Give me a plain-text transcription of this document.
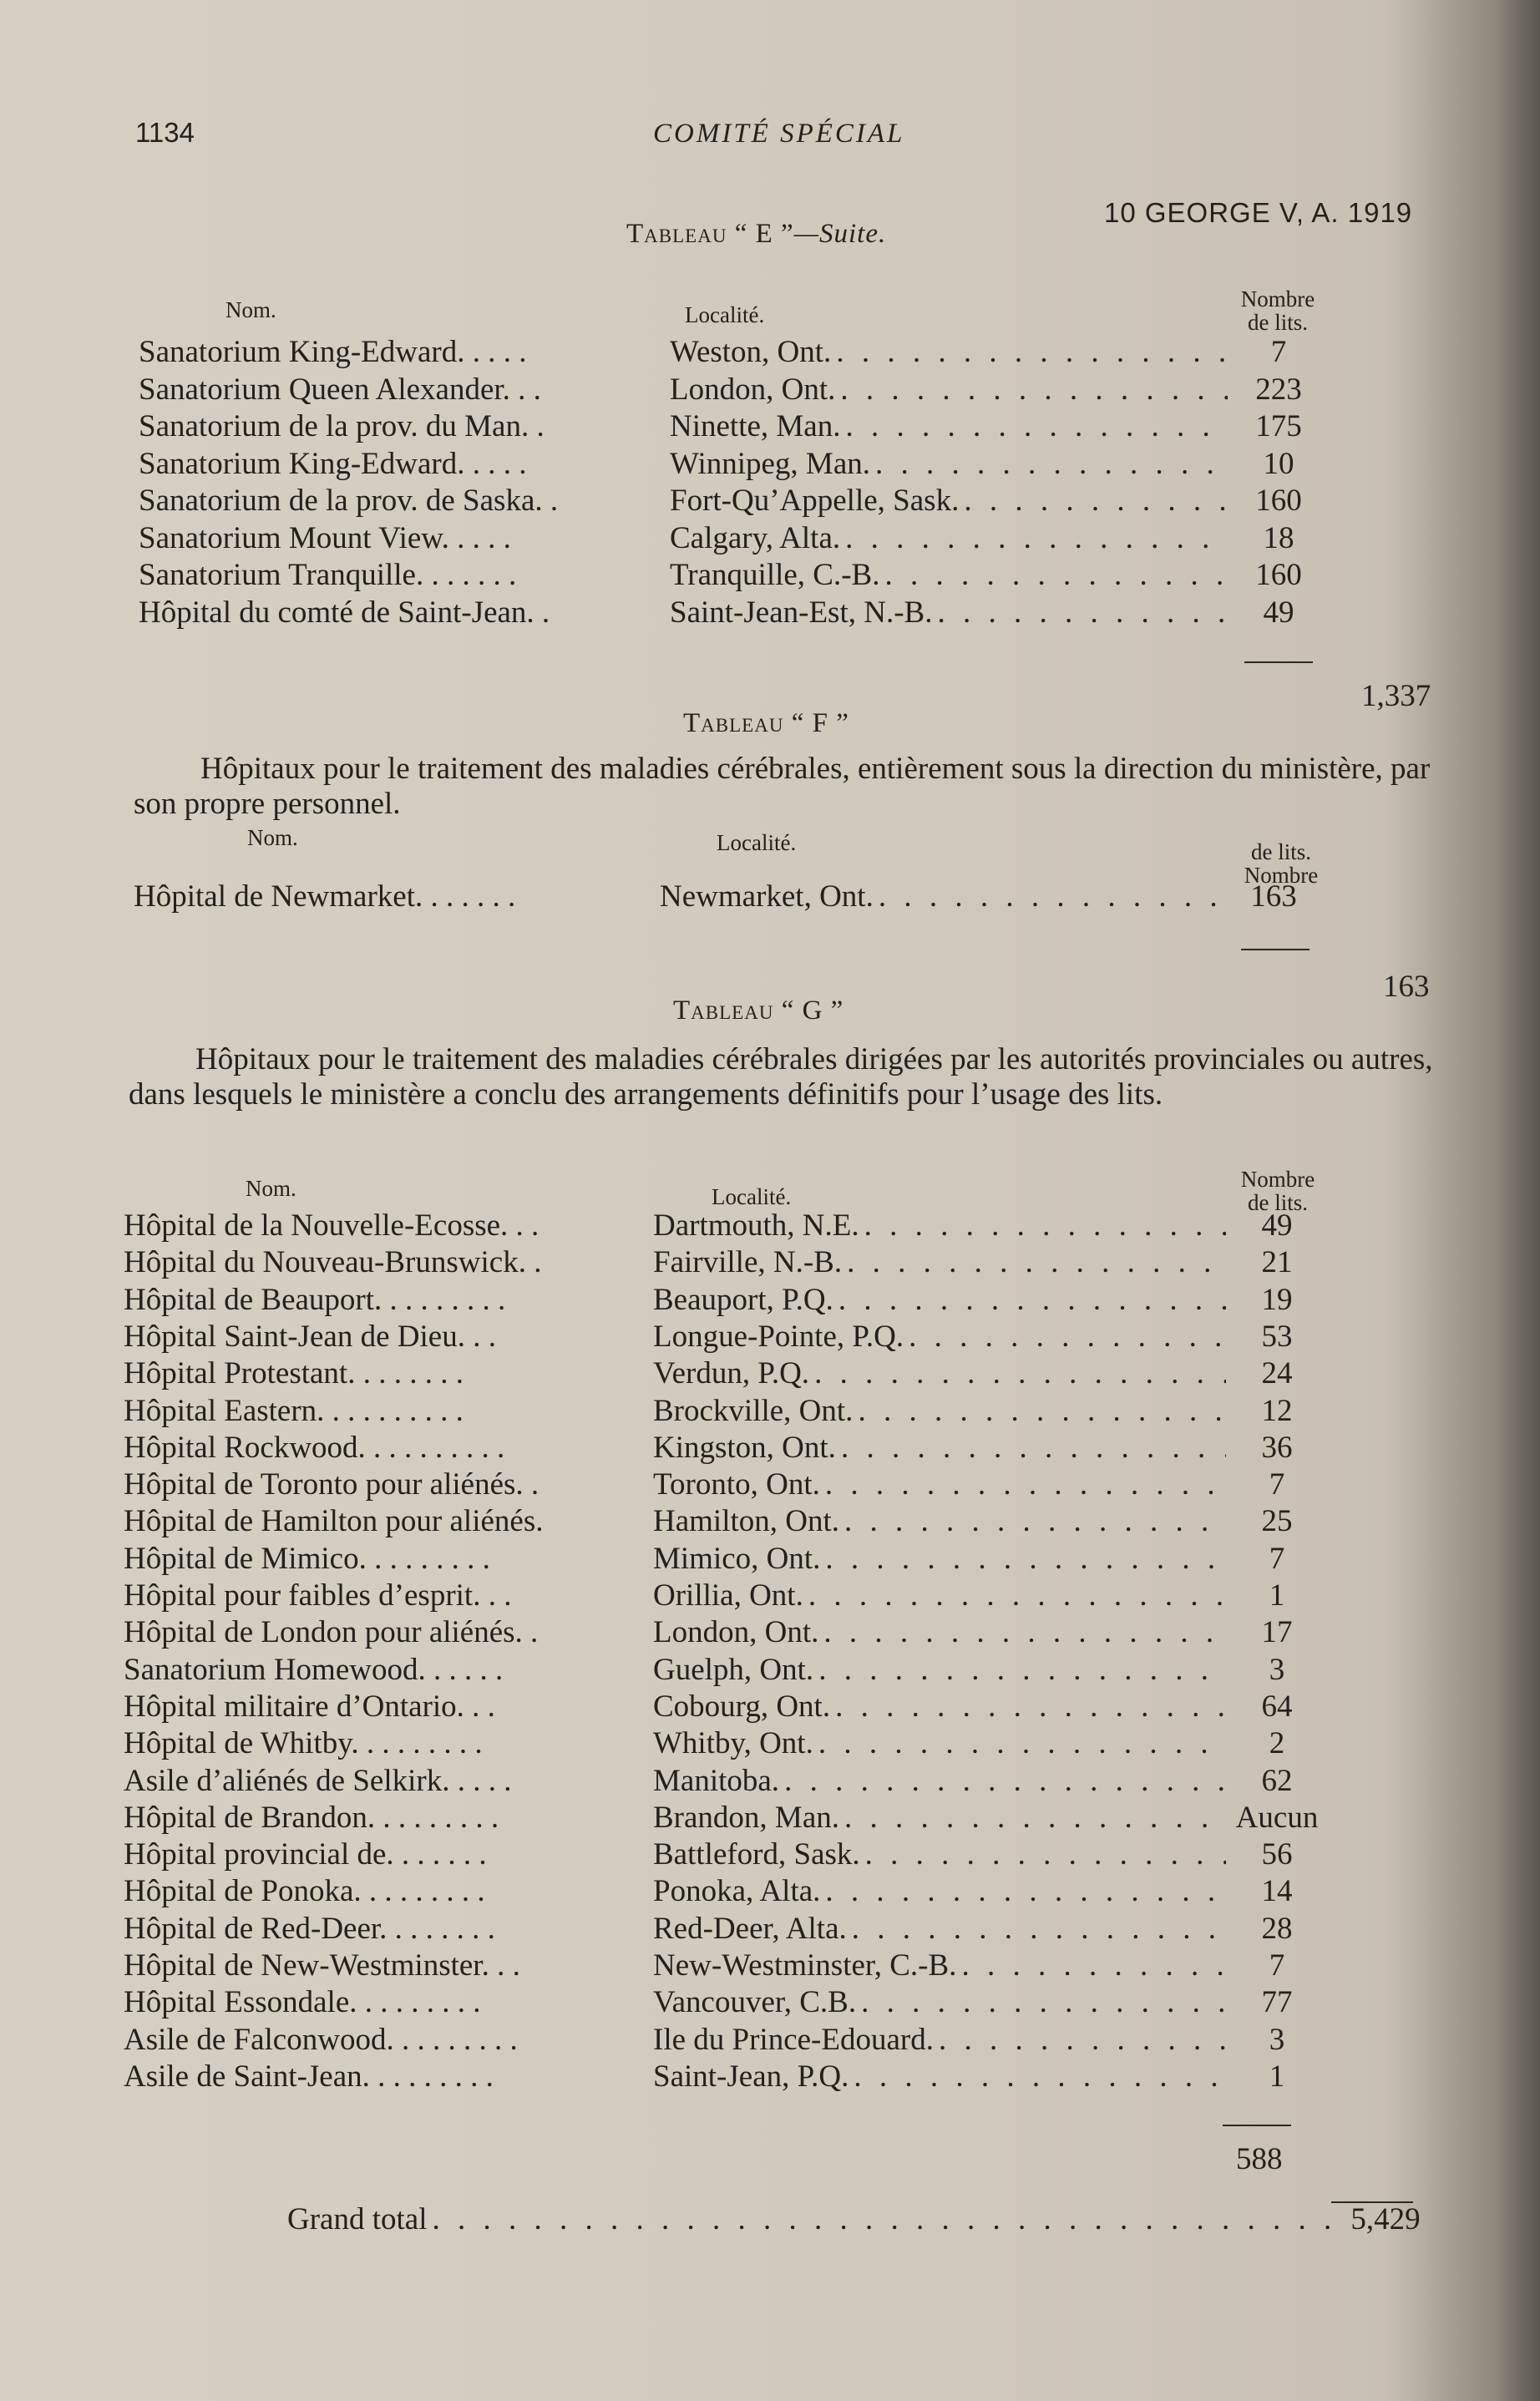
1134	COMITÉ SPÉCIAL
10 GEORGE V, A. 1919
Tableau “ E ”—Suite.
Nom.	Localité.
Nombre
de lits.
Sanatorium King-Edward. . . . .	Weston, Ont. . . .	7
Sanatorium Queen Alexander. . .	London, Ont. . . .	223
Sanatorium de la prov. du Man. .	Ninette, Man. . . .	175
Sanatorium King-Edward. . . . .	Winnipeg, Man. . . .	10
Sanatorium de la prov. de Saska. .	Fort-Qu’Appelle, Sask. . . .	160
Sanatorium Mount View. . . . .	Calgary, Alta. . . .	18
Sanatorium Tranquille. . . . . . .	Tranquille, C.-B. . . .	160
Hôpital du comté de Saint-Jean. .	Saint-Jean-Est, N.-B. . . .	49
1,337
Tableau “ F ”
Hôpitaux pour le traitement des maladies cérébrales, entièrement sous la direction du ministère, par son propre personnel.
Nom.	Localité.	de lits.
Nombre
Hôpital de Newmarket. . . . . . .	Newmarket, Ont. . . .	163
163
Tableau “ G ”
Hôpitaux pour le traitement des maladies cérébrales dirigées par les autorités provinciales ou autres, dans lesquels le ministère a conclu des arrangements définitifs pour l’usage des lits.
Nom.	Localité.
Nombre
de lits.
Hôpital de la Nouvelle-Ecosse. . .	Dartmouth, N.E. . . .	49
Hôpital du Nouveau-Brunswick. .	Fairville, N.-B. . . .	21
Hôpital de Beauport. . . . . . . . .	Beauport, P.Q. . . .	19
Hôpital Saint-Jean de Dieu. . .	Longue-Pointe, P.Q. . . .	53
Hôpital Protestant. . . . . . . .	Verdun, P.Q. . . .	24
Hôpital Eastern. . . . . . . . . .	Brockville, Ont. . . .	12
Hôpital Rockwood. . . . . . . . . .	Kingston, Ont. . . .	36
Hôpital de Toronto pour aliénés. .	Toronto, Ont. . . .	7
Hôpital de Hamilton pour aliénés.	Hamilton, Ont. . . .	25
Hôpital de Mimico. . . . . . . . .	Mimico, Ont. . . .	7
Hôpital pour faibles d’esprit. . .	Orillia, Ont. . . .	1
Hôpital de London pour aliénés. .	London, Ont. . . .	17
Sanatorium Homewood. . . . . .	Guelph, Ont. . . .	3
Hôpital militaire d’Ontario. . .	Cobourg, Ont. . . .	64
Hôpital de Whitby. . . . . . . . .	Whitby, Ont. . . .	2
Asile d’aliénés de Selkirk. . . . .	Manitoba. . . .	62
Hôpital de Brandon. . . . . . . . .	Brandon, Man. . . .	Aucun
Hôpital provincial de. . . . . . .	Battleford, Sask. . . .	56
Hôpital de Ponoka. . . . . . . . .	Ponoka, Alta. . . .	14
Hôpital de Red-Deer. . . . . . . .	Red-Deer, Alta. . . .	28
Hôpital de New-Westminster. . .	New-Westminster, C.-B. . . .	7
Hôpital Essondale. . . . . . . . .	Vancouver, C.B. . . .	77
Asile de Falconwood. . . . . . . . .	Ile du Prince-Edouard. . . .	3
Asile de Saint-Jean. . . . . . . . .	Saint-Jean, P.Q. . . .	1
588
Grand total . . .	5,429
